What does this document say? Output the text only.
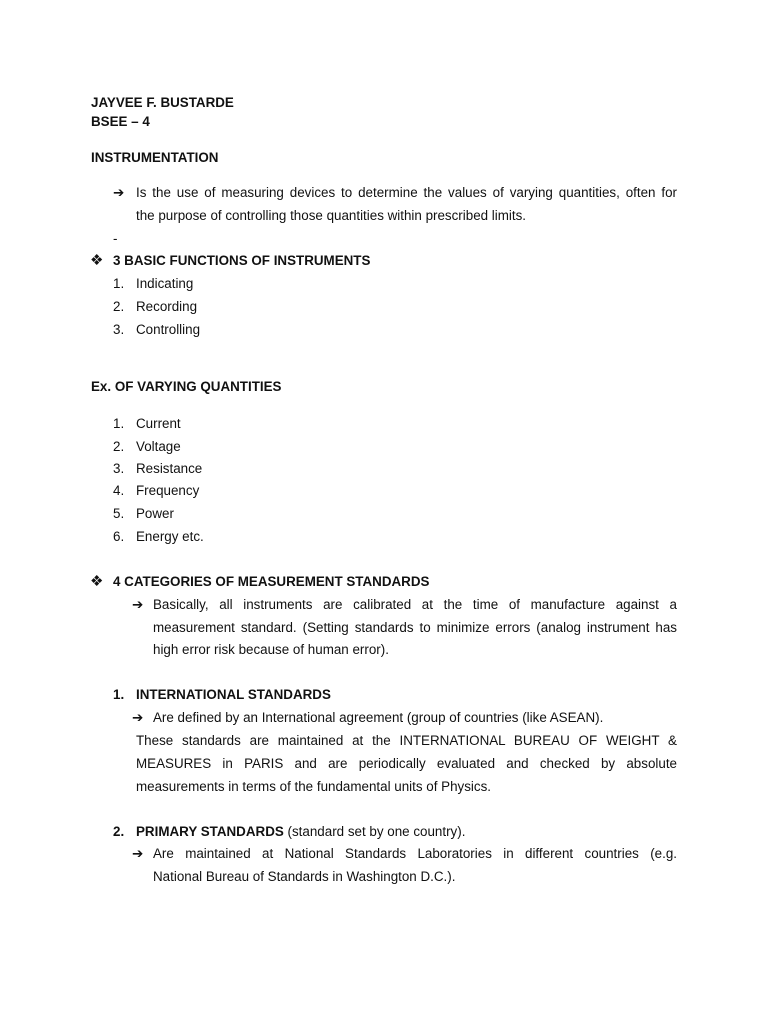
JAYVEE F. BUSTARDE
BSEE – 4
INSTRUMENTATION
➔ Is the use of measuring devices to determine the values of varying quantities, often for
the purpose of controlling those quantities within prescribed limits.
-
❖ 3 BASIC FUNCTIONS OF INSTRUMENTS
1. Indicating
2. Recording
3. Controlling
Ex. OF VARYING QUANTITIES
1. Current
2. Voltage
3. Resistance
4. Frequency
5. Power
6. Energy etc.
❖ 4 CATEGORIES OF MEASUREMENT STANDARDS
➔ Basically, all instruments are calibrated at the time of manufacture against a
measurement standard. (Setting standards to minimize errors (analog instrument has
high error risk because of human error).
1. INTERNATIONAL STANDARDS
➔ Are defined by an International agreement (group of countries (like ASEAN).
These standards are maintained at the INTERNATIONAL BUREAU OF WEIGHT &
MEASURES in PARIS and are periodically evaluated and checked by absolute
measurements in terms of the fundamental units of Physics.
2. PRIMARY STANDARDS (standard set by one country).
➔ Are maintained at National Standards Laboratories in different countries (e.g.
National Bureau of Standards in Washington D.C.).
